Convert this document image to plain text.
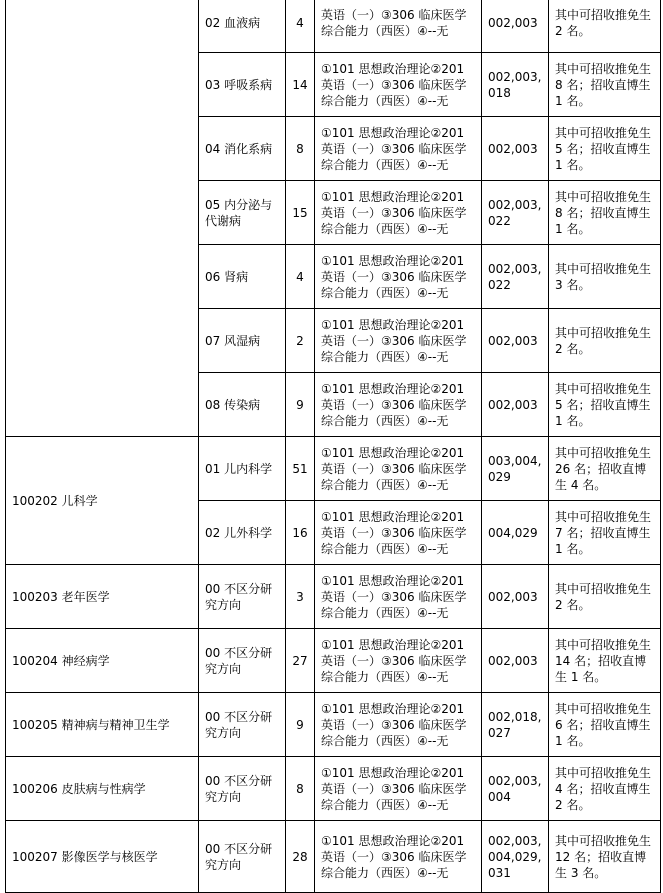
	02 血液病	4	英语（一）③306 临床医学综合能力（西医）④--无	002,003	其中可招收推免生 2 名。
	03 呼吸系病	14	①101 思想政治理论②201 英语（一）③306 临床医学综合能力（西医）④--无	002,003,018	其中可招收推免生 8 名；招收直博生 1 名。
	04 消化系病	8	①101 思想政治理论②201 英语（一）③306 临床医学综合能力（西医）④--无	002,003	其中可招收推免生 5 名；招收直博生 1 名。
	05 内分泌与代谢病	15	①101 思想政治理论②201 英语（一）③306 临床医学综合能力（西医）④--无	002,003,022	其中可招收推免生 8 名；招收直博生 1 名。
	06 肾病	4	①101 思想政治理论②201 英语（一）③306 临床医学综合能力（西医）④--无	002,003,022	其中可招收推免生 3 名。
	07 风湿病	2	①101 思想政治理论②201 英语（一）③306 临床医学综合能力（西医）④--无	002,003	其中可招收推免生 2 名。
	08 传染病	9	①101 思想政治理论②201 英语（一）③306 临床医学综合能力（西医）④--无	002,003	其中可招收推免生 5 名；招收直博生 1 名。
100202 儿科学	01 儿内科学	51	①101 思想政治理论②201 英语（一）③306 临床医学综合能力（西医）④--无	003,004,029	其中可招收推免生 26 名；招收直博生 4 名。
	02 儿外科学	16	①101 思想政治理论②201 英语（一）③306 临床医学综合能力（西医）④--无	004,029	其中可招收推免生 7 名；招收直博生 1 名。
100203 老年医学	00 不区分研究方向	3	①101 思想政治理论②201 英语（一）③306 临床医学综合能力（西医）④--无	002,003	其中可招收推免生 2 名。
100204 神经病学	00 不区分研究方向	27	①101 思想政治理论②201 英语（一）③306 临床医学综合能力（西医）④--无	002,003	其中可招收推免生 14 名；招收直博生 1 名。
100205 精神病与精神卫生学	00 不区分研究方向	9	①101 思想政治理论②201 英语（一）③306 临床医学综合能力（西医）④--无	002,018,027	其中可招收推免生 6 名；招收直博生 1 名。
100206 皮肤病与性病学	00 不区分研究方向	8	①101 思想政治理论②201 英语（一）③306 临床医学综合能力（西医）④--无	002,003,004	其中可招收推免生 4 名；招收直博生 2 名。
100207 影像医学与核医学	00 不区分研究方向	28	①101 思想政治理论②201 英语（一）③306 临床医学综合能力（西医）④--无	002,003,004,029,031	其中可招收推免生 12 名；招收直博生 3 名。
